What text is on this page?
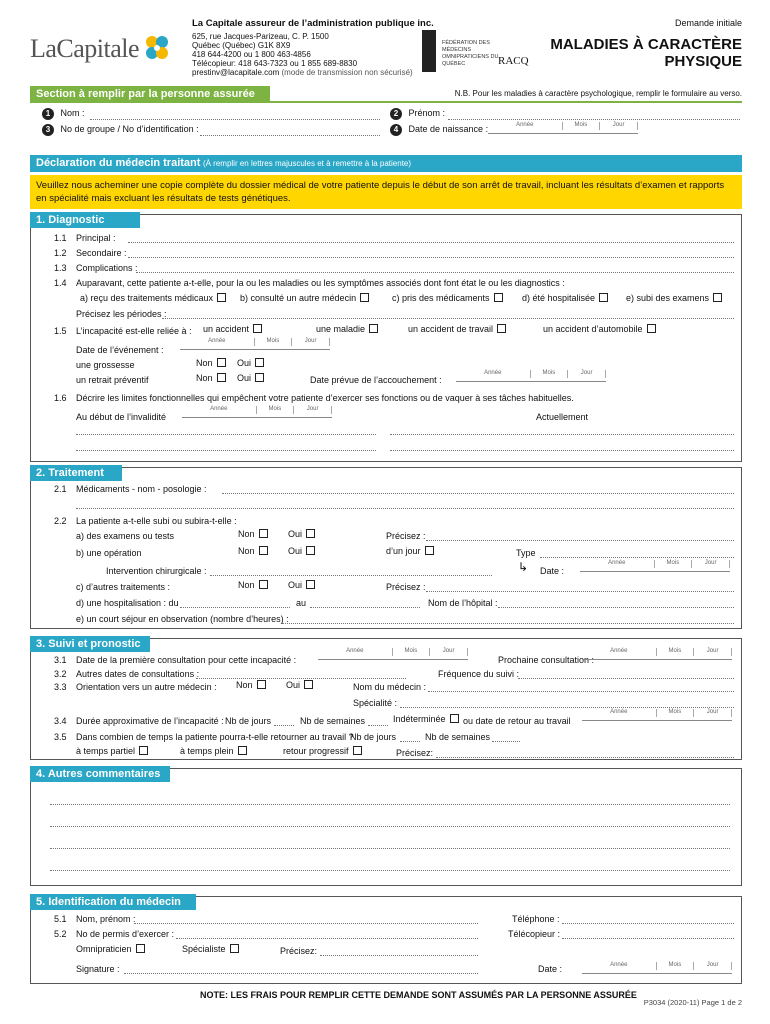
LaCapitale
La Capitale assureur de l’administration publique inc.
625, rue Jacques-Parizeau, C. P. 1500
Québec (Québec) G1K 8X9
418 644-4200 ou 1 800 463-4856
Télécopieur: 418 643-7323 ou 1 855 689-8830
prestinv@lacapitale.com (mode de transmission non sécurisé)
FÉDÉRATION DES MÉDECINS OMNIPRATICIENS DU QUÉBEC	RACQ
Demande initiale
MALADIES À CARACTÈRE
PHYSIQUE
Section à remplir par la personne assurée	N.B. Pour les maladies à caractère psychologique, remplir le formulaire au verso.
1 Nom :	2 Prénom :
3 No de groupe / No d’identification :	4 Date de naissance :	Année	Mois	Jour
Déclaration du médecin traitant (À remplir en lettres majuscules et à remettre à la patiente)
Veuillez nous acheminer une copie complète du dossier médical de votre patiente depuis le début de son arrêt de travail, incluant les résultats d’examen et rapports en spécialité mais excluant les résultats de tests génétiques.
1. Diagnostic
1.1 Principal :
1.2 Secondaire :
1.3 Complications :
1.4 Auparavant, cette patiente a-t-elle, pour la ou les maladies ou les symptômes associés dont font état le ou les diagnostics :
a) reçu des traitements médicaux	b) consulté un autre médecin	c) pris des médicaments	d) été hospitalisée	e) subi des examens
Précisez les périodes :
1.5 L’incapacité est-elle reliée à : un accident	une maladie	un accident de travail	un accident d’automobile
Année	Mois	Jour
Date de l’événement :
une grossesse	Non	Oui
un retrait préventif	Non	Oui	Date prévue de l’accouchement :
Année	Mois	Jour
1.6 Décrire les limites fonctionnelles qui empêchent votre patiente d’exercer ses fonctions ou de vaquer à ses tâches habituelles.
Au début de l’invalidité
Année	Mois	Jour
Actuellement
2. Traitement
2.1 Médicaments - nom - posologie :
2.2 La patiente a-t-elle subi ou subira-t-elle :
a) des examens ou tests	Non	Oui	Précisez :
b) une opération	Non	Oui	d’un jour	Type
↳ Date :
Année	Mois	Jour
Intervention chirurgicale :
c) d’autres traitements :	Non	Oui	Précisez :
d) une hospitalisation : du	au	Nom de l’hôpital :
e) un court séjour en observation (nombre d’heures) :
3. Suivi et pronostic
3.1 Date de la première consultation pour cette incapacité :
Année	Mois	Jour
Prochaine consultation :
Année	Mois	Jour
3.2 Autres dates de consultations :	Fréquence du suivi :
3.3 Orientation vers un autre médecin : Non	Oui	Nom du médecin :
Spécialité :
3.4 Durée approximative de l’incapacité : Nb de jours	Nb de semaines	Indéterminée	ou date de retour au travail
Année	Mois	Jour
3.5 Dans combien de temps la patiente pourra-t-elle retourner au travail ?
Nb de jours	Nb de semaines
à temps partiel	à temps plein	retour progressif	Précisez:
4. Autres commentaires
5. Identification du médecin
5.1 Nom, prénom :	Téléphone :
5.2 No de permis d’exercer :	Télécopieur :
Omnipraticien	Spécialiste	Précisez:
Signature :	Date :	Année	Mois	Jour
NOTE: LES FRAIS POUR REMPLIR CETTE DEMANDE SONT ASSUMÉS PAR LA PERSONNE ASSURÉE
P3034 (2020-11) Page 1 de 2
